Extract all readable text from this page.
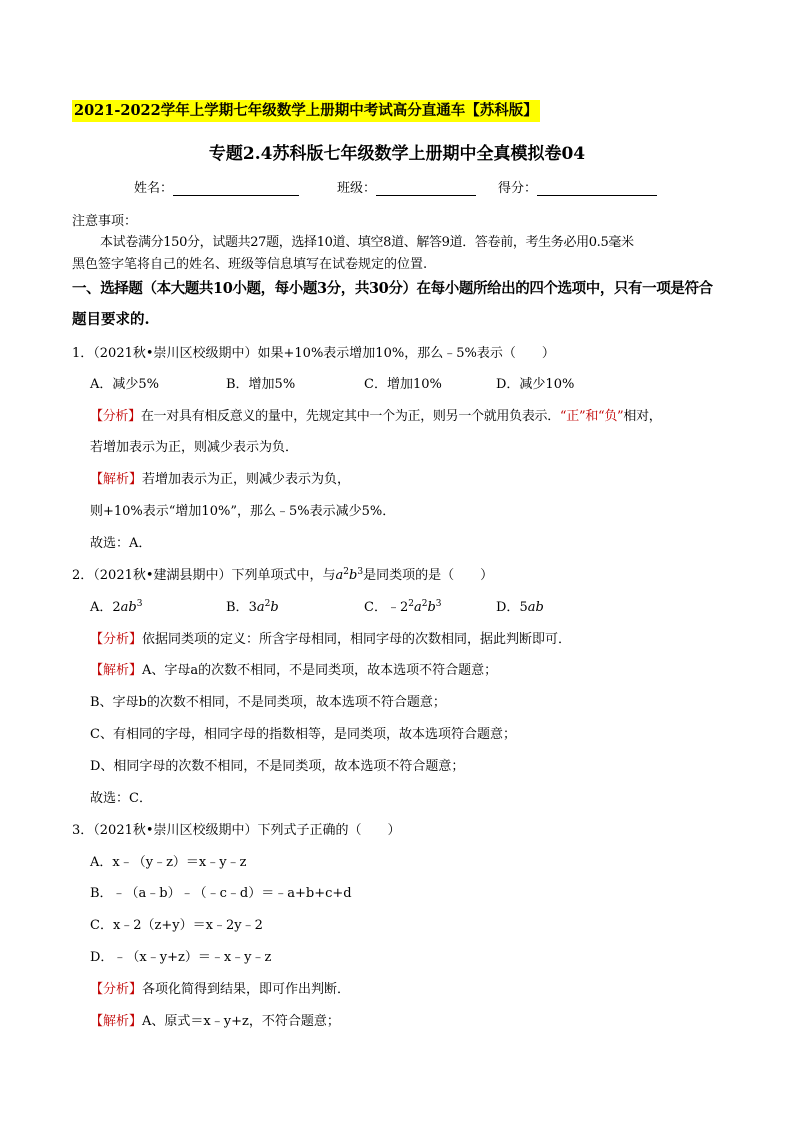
2021-2022学年上学期七年级数学上册期中考试高分直通车【苏科版】
专题2.4苏科版七年级数学上册期中全真模拟卷04
姓名：	班级：	得分：
注意事项：
本试卷满分150分，试题共27题，选择10道、填空8道、解答9道．答卷前，考生务必用0.5毫米
黑色签字笔将自己的姓名、班级等信息填写在试卷规定的位置.
一、选择题（本大题共10小题，每小题3分，共30分）在每小题所给出的四个选项中，只有一项是符合
题目要求的.
1．（2021秋•崇川区校级期中）如果+10%表示增加10%，那么﹣5%表示（　　）
A．减少5%	B．增加5%	C．增加10%	D．减少10%
【分析】在一对具有相反意义的量中，先规定其中一个为正，则另一个就用负表示．“正”和“负”相对，
若增加表示为正，则减少表示为负．
【解析】若增加表示为正，则减少表示为负，
则+10%表示“增加10%”，那么﹣5%表示减少5%．
故选：A．
2．（2021秋•建湖县期中）下列单项式中，与$a^2b^3$是同类项的是（　　）
A．$2ab^3$	B．$3a^2b$	C．$﹣2^2a^2b^3$	D．5ab
【分析】依据同类项的定义：所含字母相同，相同字母的次数相同，据此判断即可．
【解析】A、字母a的次数不相同，不是同类项，故本选项不符合题意；
B、字母b的次数不相同，不是同类项，故本选项不符合题意；
C、有相同的字母，相同字母的指数相等，是同类项，故本选项符合题意；
D、相同字母的次数不相同，不是同类项，故本选项不符合题意；
故选：C．
3．（2021秋•崇川区校级期中）下列式子正确的（　　）
A．x﹣（y﹣z）＝x﹣y﹣z
B．﹣（a﹣b）﹣（﹣c﹣d）＝﹣a+b+c+d
C．x﹣2（z+y）＝x﹣2y﹣2
D．﹣（x﹣y+z）＝﹣x﹣y﹣z
【分析】各项化简得到结果，即可作出判断．
【解析】A、原式＝x﹣y+z，不符合题意；
